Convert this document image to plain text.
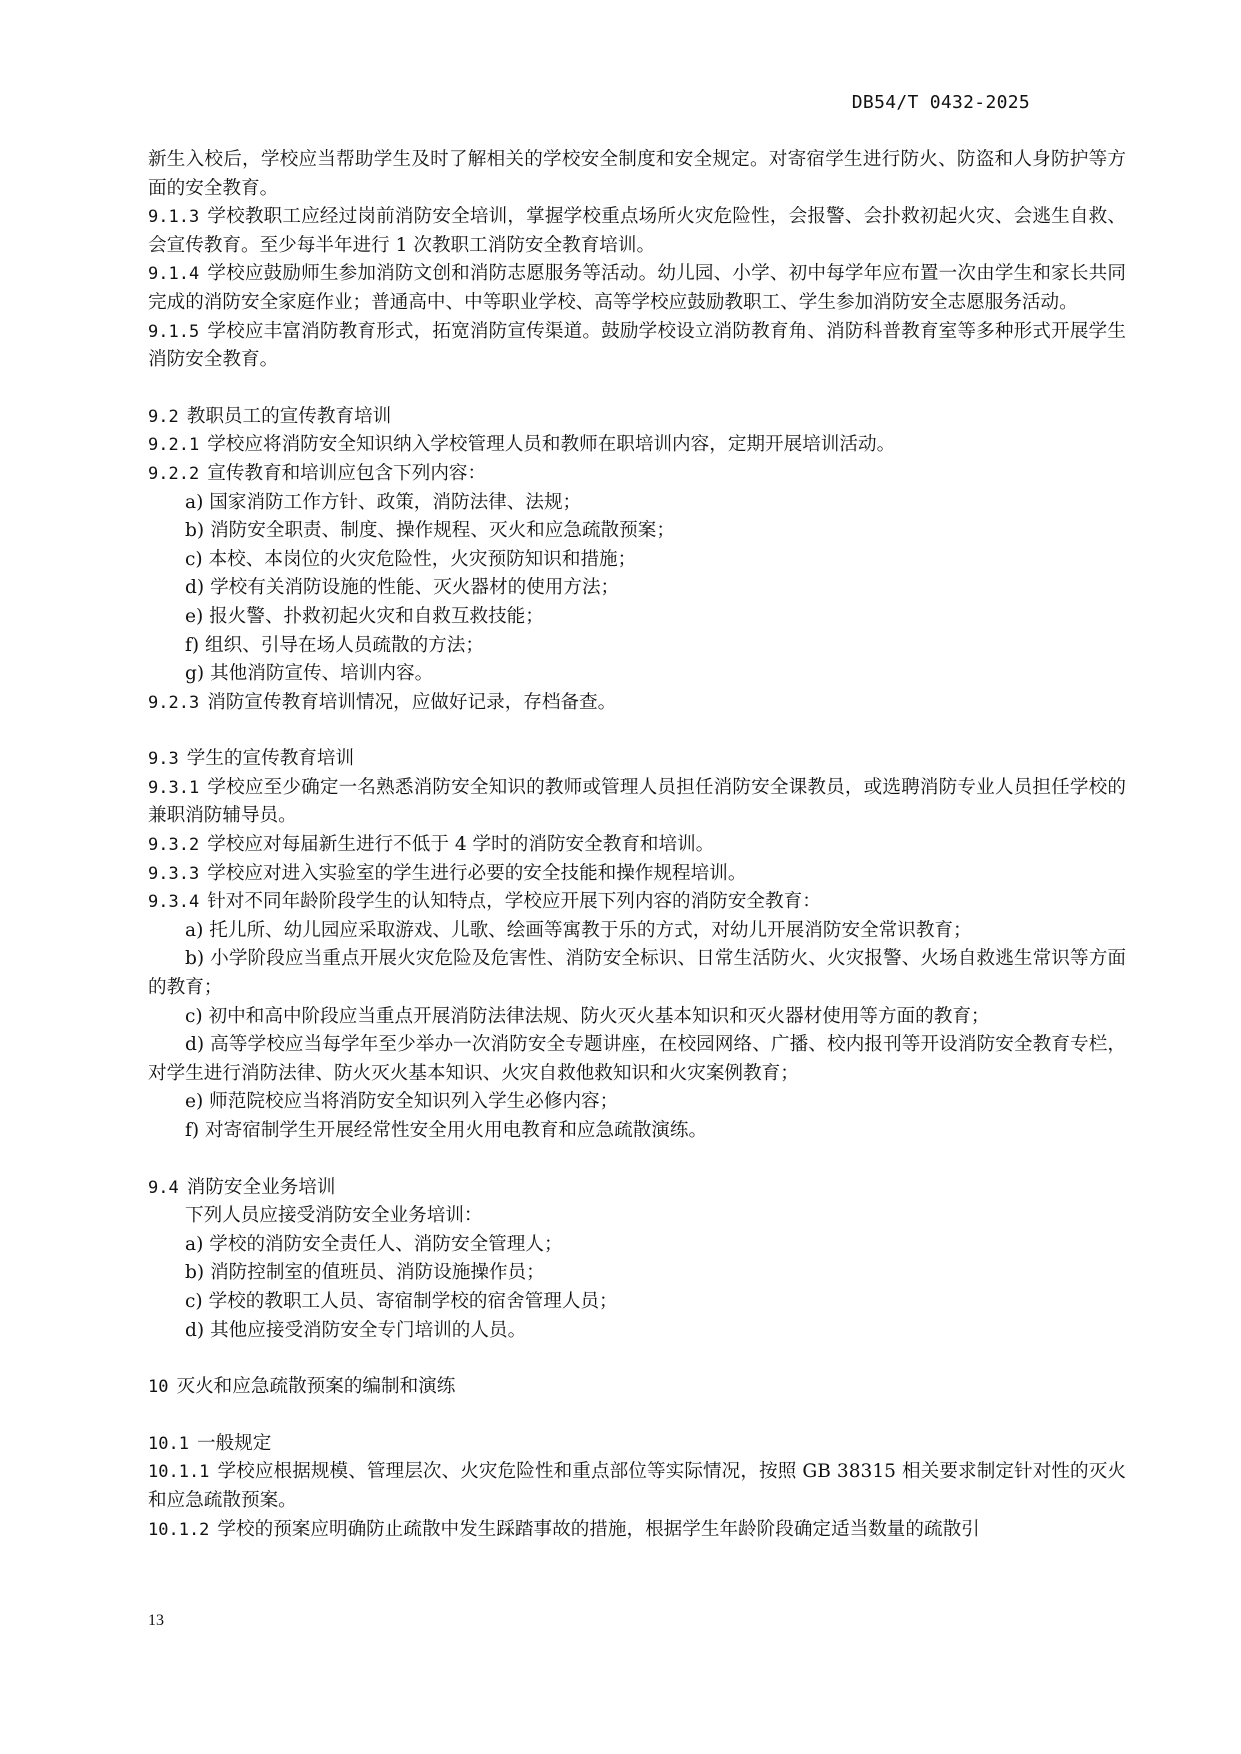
DB54/T 0432-2025
新生入校后，学校应当帮助学生及时了解相关的学校安全制度和安全规定。对寄宿学生进行防火、防盗和人身防护等方面的安全教育。
9.1.3 学校教职工应经过岗前消防安全培训，掌握学校重点场所火灾危险性，会报警、会扑救初起火灾、会逃生自救、会宣传教育。至少每半年进行 1 次教职工消防安全教育培训。
9.1.4 学校应鼓励师生参加消防文创和消防志愿服务等活动。幼儿园、小学、初中每学年应布置一次由学生和家长共同完成的消防安全家庭作业；普通高中、中等职业学校、高等学校应鼓励教职工、学生参加消防安全志愿服务活动。
9.1.5 学校应丰富消防教育形式，拓宽消防宣传渠道。鼓励学校设立消防教育角、消防科普教育室等多种形式开展学生消防安全教育。
9.2 教职员工的宣传教育培训
9.2.1 学校应将消防安全知识纳入学校管理人员和教师在职培训内容，定期开展培训活动。
9.2.2 宣传教育和培训应包含下列内容：
a) 国家消防工作方针、政策，消防法律、法规；
b) 消防安全职责、制度、操作规程、灭火和应急疏散预案；
c) 本校、本岗位的火灾危险性，火灾预防知识和措施；
d) 学校有关消防设施的性能、灭火器材的使用方法；
e) 报火警、扑救初起火灾和自救互救技能；
f) 组织、引导在场人员疏散的方法；
g) 其他消防宣传、培训内容。
9.2.3 消防宣传教育培训情况，应做好记录，存档备查。
9.3 学生的宣传教育培训
9.3.1 学校应至少确定一名熟悉消防安全知识的教师或管理人员担任消防安全课教员，或选聘消防专业人员担任学校的兼职消防辅导员。
9.3.2 学校应对每届新生进行不低于 4 学时的消防安全教育和培训。
9.3.3 学校应对进入实验室的学生进行必要的安全技能和操作规程培训。
9.3.4 针对不同年龄阶段学生的认知特点，学校应开展下列内容的消防安全教育：
a) 托儿所、幼儿园应采取游戏、儿歌、绘画等寓教于乐的方式，对幼儿开展消防安全常识教育；
b) 小学阶段应当重点开展火灾危险及危害性、消防安全标识、日常生活防火、火灾报警、火场自救逃生常识等方面的教育；
c) 初中和高中阶段应当重点开展消防法律法规、防火灭火基本知识和灭火器材使用等方面的教育；
d) 高等学校应当每学年至少举办一次消防安全专题讲座，在校园网络、广播、校内报刊等开设消防安全教育专栏，对学生进行消防法律、防火灭火基本知识、火灾自救他救知识和火灾案例教育；
e) 师范院校应当将消防安全知识列入学生必修内容；
f) 对寄宿制学生开展经常性安全用火用电教育和应急疏散演练。
9.4 消防安全业务培训
下列人员应接受消防安全业务培训：
a) 学校的消防安全责任人、消防安全管理人；
b) 消防控制室的值班员、消防设施操作员；
c) 学校的教职工人员、寄宿制学校的宿舍管理人员；
d) 其他应接受消防安全专门培训的人员。
10 灭火和应急疏散预案的编制和演练
10.1 一般规定
10.1.1 学校应根据规模、管理层次、火灾危险性和重点部位等实际情况，按照 GB 38315 相关要求制定针对性的灭火和应急疏散预案。
10.1.2 学校的预案应明确防止疏散中发生踩踏事故的措施，根据学生年龄阶段确定适当数量的疏散引
13
